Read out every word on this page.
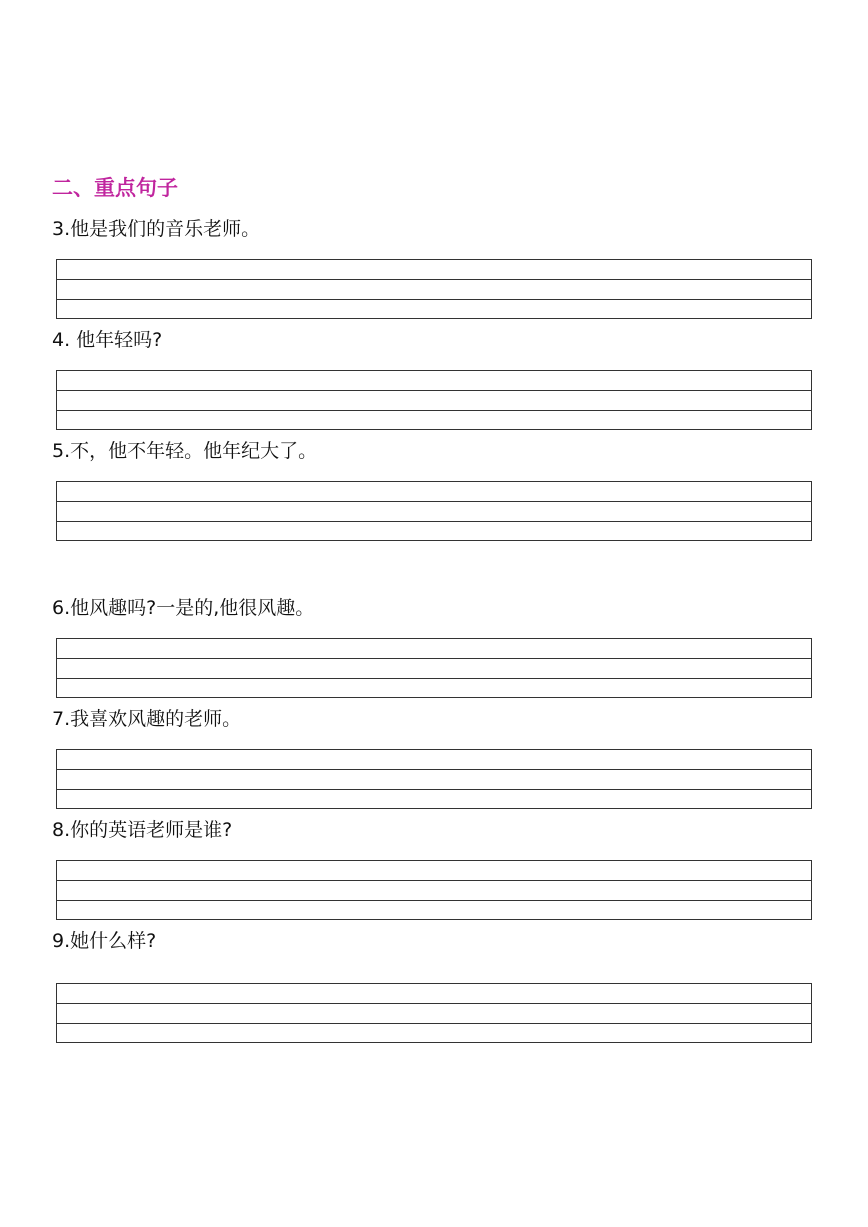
二、重点句子

3.他是我们的音乐老师。

4. 他年轻吗?

5.不，他不年轻。他年纪大了。

6.他风趣吗?一是的,他很风趣。

7.我喜欢风趣的老师。

8.你的英语老师是谁?

9.她什么样?
